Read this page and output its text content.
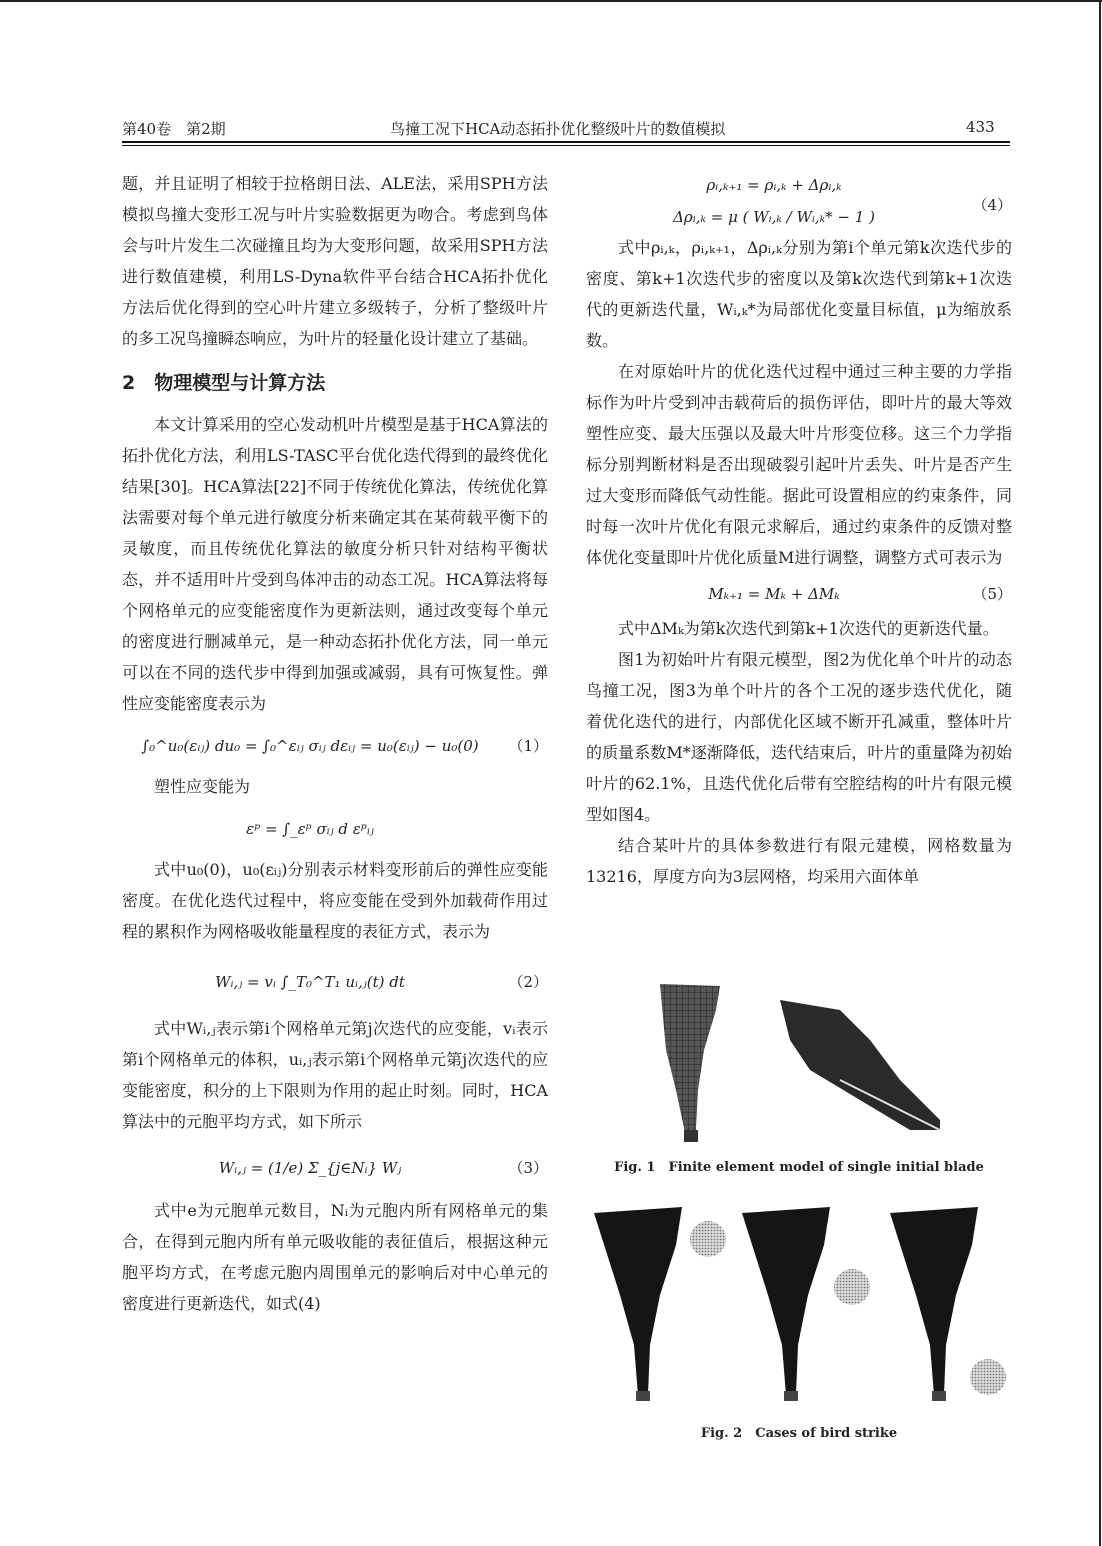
第40卷　第2期	鸟撞工况下HCA动态拓扑优化整级叶片的数值模拟	433

题，并且证明了相较于拉格朗日法、ALE法，采用SPH方法模拟鸟撞大变形工况与叶片实验数据更为吻合。考虑到鸟体会与叶片发生二次碰撞且均为大变形问题，故采用SPH方法进行数值建模，利用LS-Dyna软件平台结合HCA拓扑优化方法后优化得到的空心叶片建立多级转子，分析了整级叶片的多工况鸟撞瞬态响应，为叶片的轻量化设计建立了基础。

2　物理模型与计算方法

本文计算采用的空心发动机叶片模型是基于HCA算法的拓扑优化方法，利用LS-TASC平台优化迭代得到的最终优化结果[30]。HCA算法[22]不同于传统优化算法，传统优化算法需要对每个单元进行敏度分析来确定其在某荷载平衡下的灵敏度，而且传统优化算法的敏度分析只针对结构平衡状态，并不适用叶片受到鸟体冲击的动态工况。HCA算法将每个网格单元的应变能密度作为更新法则，通过改变每个单元的密度进行删减单元，是一种动态拓扑优化方法，同一单元可以在不同的迭代步中得到加强或减弱，具有可恢复性。弹性应变能密度表示为

∫₀^u₀(εᵢⱼ) du₀ = ∫₀^εᵢⱼ σᵢⱼ dεᵢⱼ = u₀(εᵢⱼ) − u₀(0)	（1）

塑性应变能为

εᵖ = ∫_εᵖ σᵢⱼ d εᵖᵢⱼ

式中u₀(0)，u₀(εᵢⱼ)分别表示材料变形前后的弹性应变能密度。在优化迭代过程中，将应变能在受到外加载荷作用过程的累积作为网格吸收能量程度的表征方式，表示为

Wᵢ,ⱼ = vᵢ ∫_T₀^T₁ uᵢ,ⱼ(t) dt	（2）

式中Wᵢ,ⱼ表示第i个网格单元第j次迭代的应变能，vᵢ表示第i个网格单元的体积，uᵢ,ⱼ表示第i个网格单元第j次迭代的应变能密度，积分的上下限则为作用的起止时刻。同时，HCA算法中的元胞平均方式，如下所示

Wᵢ,ⱼ = (1/e) Σ_{j∈Nᵢ} Wⱼ	（3）

式中e为元胞单元数目，Nᵢ为元胞内所有网格单元的集合，在得到元胞内所有单元吸收能的表征值后，根据这种元胞平均方式，在考虑元胞内周围单元的影响后对中心单元的密度进行更新迭代，如式(4)

ρᵢ,ₖ₊₁ = ρᵢ,ₖ + Δρᵢ,ₖ
Δρᵢ,ₖ = μ ( Wᵢ,ₖ / Wᵢ,ₖ* − 1 )
（4）

式中ρᵢ,ₖ，ρᵢ,ₖ₊₁，Δρᵢ,ₖ分别为第i个单元第k次迭代步的密度、第k+1次迭代步的密度以及第k次迭代到第k+1次迭代的更新迭代量，Wᵢ,ₖ*为局部优化变量目标值，μ为缩放系数。

在对原始叶片的优化迭代过程中通过三种主要的力学指标作为叶片受到冲击载荷后的损伤评估，即叶片的最大等效塑性应变、最大压强以及最大叶片形变位移。这三个力学指标分别判断材料是否出现破裂引起叶片丢失、叶片是否产生过大变形而降低气动性能。据此可设置相应的约束条件，同时每一次叶片优化有限元求解后，通过约束条件的反馈对整体优化变量即叶片优化质量M进行调整，调整方式可表示为

Mₖ₊₁ = Mₖ + ΔMₖ	（5）

式中ΔMₖ为第k次迭代到第k+1次迭代的更新迭代量。

图1为初始叶片有限元模型，图2为优化单个叶片的动态鸟撞工况，图3为单个叶片的各个工况的逐步迭代优化，随着优化迭代的进行，内部优化区域不断开孔减重，整体叶片的质量系数M*逐渐降低，迭代结束后，叶片的重量降为初始叶片的62.1%，且迭代优化后带有空腔结构的叶片有限元模型如图4。

结合某叶片的具体参数进行有限元建模，网格数量为13216，厚度方向为3层网格，均采用六面体单

Fig. 1　Finite element model of single initial blade
Fig. 2　Cases of bird strike
